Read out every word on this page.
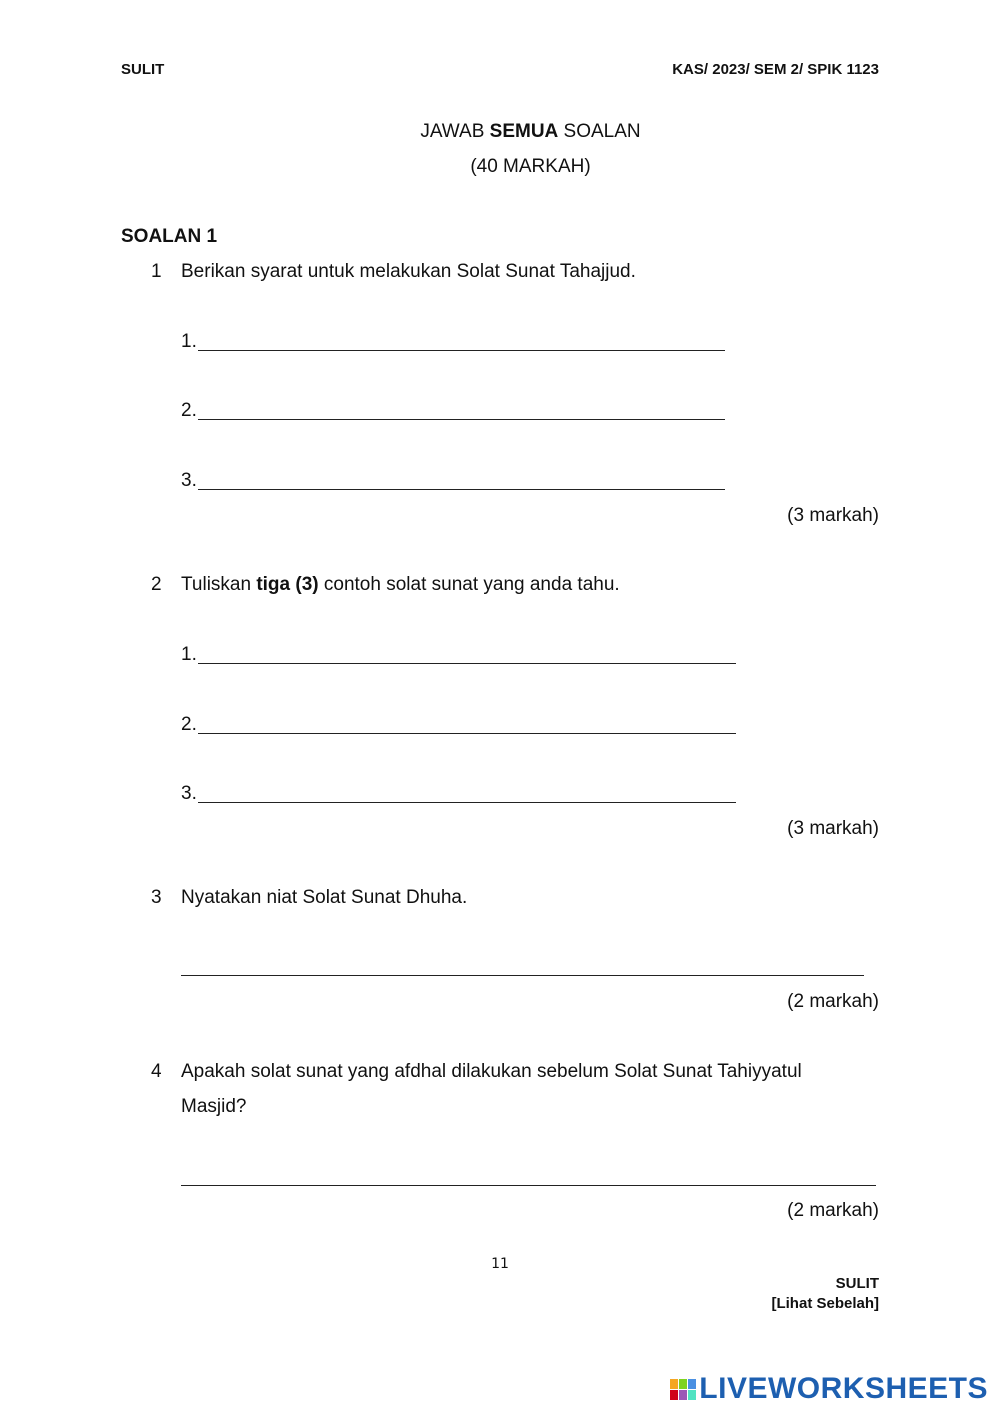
SULIT	KAS/ 2023/ SEM 2/ SPIK 1123
JAWAB SEMUA SOALAN
(40 MARKAH)
SOALAN 1
1 Berikan syarat untuk melakukan Solat Sunat Tahajjud.
1.
2.
3.
(3 markah)
2 Tuliskan tiga (3) contoh solat sunat yang anda tahu.
1.
2.
3.
(3 markah)
3 Nyatakan niat Solat Sunat Dhuha.
(2 markah)
4 Apakah solat sunat yang afdhal dilakukan sebelum Solat Sunat Tahiyyatul
Masjid?
(2 markah)
11
SULIT
[Lihat Sebelah]
LIVEWORKSHEETS
